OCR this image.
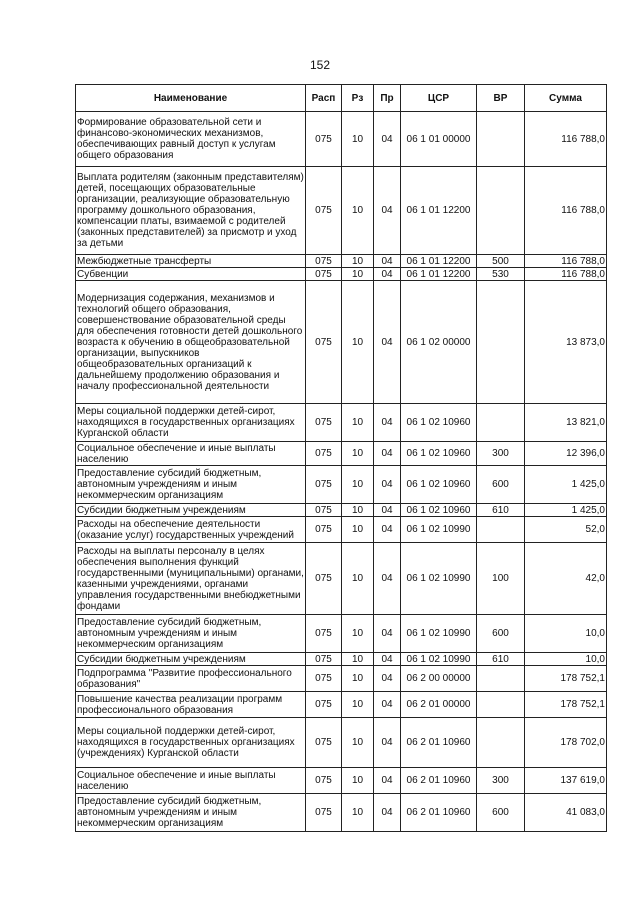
152
Наименование	Расп	Рз	Пр	ЦСР	ВР	Сумма
Формирование образовательной сети и финансово-экономических механизмов, обеспечивающих равный доступ к услугам общего образования	075	10	04	06 1 01 00000		116 788,0
Выплата родителям (законным представителям) детей, посещающих образовательные организации, реализующие образовательную программу дошкольного образования, компенсации платы, взимаемой с родителей (законных представителей) за присмотр и уход за детьми	075	10	04	06 1 01 12200		116 788,0
Межбюджетные трансферты	075	10	04	06 1 01 12200	500	116 788,0
Субвенции	075	10	04	06 1 01 12200	530	116 788,0
Модернизация содержания, механизмов и технологий общего образования, совершенствование образовательной среды для обеспечения готовности детей дошкольного возраста к обучению в общеобразовательной организации, выпускников общеобразовательных организаций к дальнейшему продолжению образования и началу профессиональной деятельности	075	10	04	06 1 02 00000		13 873,0
Меры социальной поддержки детей-сирот, находящихся в государственных организациях Курганской области	075	10	04	06 1 02 10960		13 821,0
Социальное обеспечение и иные выплаты населению	075	10	04	06 1 02 10960	300	12 396,0
Предоставление субсидий бюджетным, автономным учреждениям и иным некоммерческим организациям	075	10	04	06 1 02 10960	600	1 425,0
Субсидии бюджетным учреждениям	075	10	04	06 1 02 10960	610	1 425,0
Расходы на обеспечение деятельности (оказание услуг) государственных учреждений	075	10	04	06 1 02 10990		52,0
Расходы на выплаты персоналу в целях обеспечения выполнения функций государственными (муниципальными) органами, казенными учреждениями, органами управления государственными внебюджетными фондами	075	10	04	06 1 02 10990	100	42,0
Предоставление субсидий бюджетным, автономным учреждениям и иным некоммерческим организациям	075	10	04	06 1 02 10990	600	10,0
Субсидии бюджетным учреждениям	075	10	04	06 1 02 10990	610	10,0
Подпрограмма "Развитие профессионального образования"	075	10	04	06 2 00 00000		178 752,1
Повышение качества реализации программ профессионального образования	075	10	04	06 2 01 00000		178 752,1
Меры социальной поддержки детей-сирот, находящихся в государственных организациях (учреждениях) Курганской области	075	10	04	06 2 01 10960		178 702,0
Социальное обеспечение и иные выплаты населению	075	10	04	06 2 01 10960	300	137 619,0
Предоставление субсидий бюджетным, автономным учреждениям и иным некоммерческим организациям	075	10	04	06 2 01 10960	600	41 083,0
